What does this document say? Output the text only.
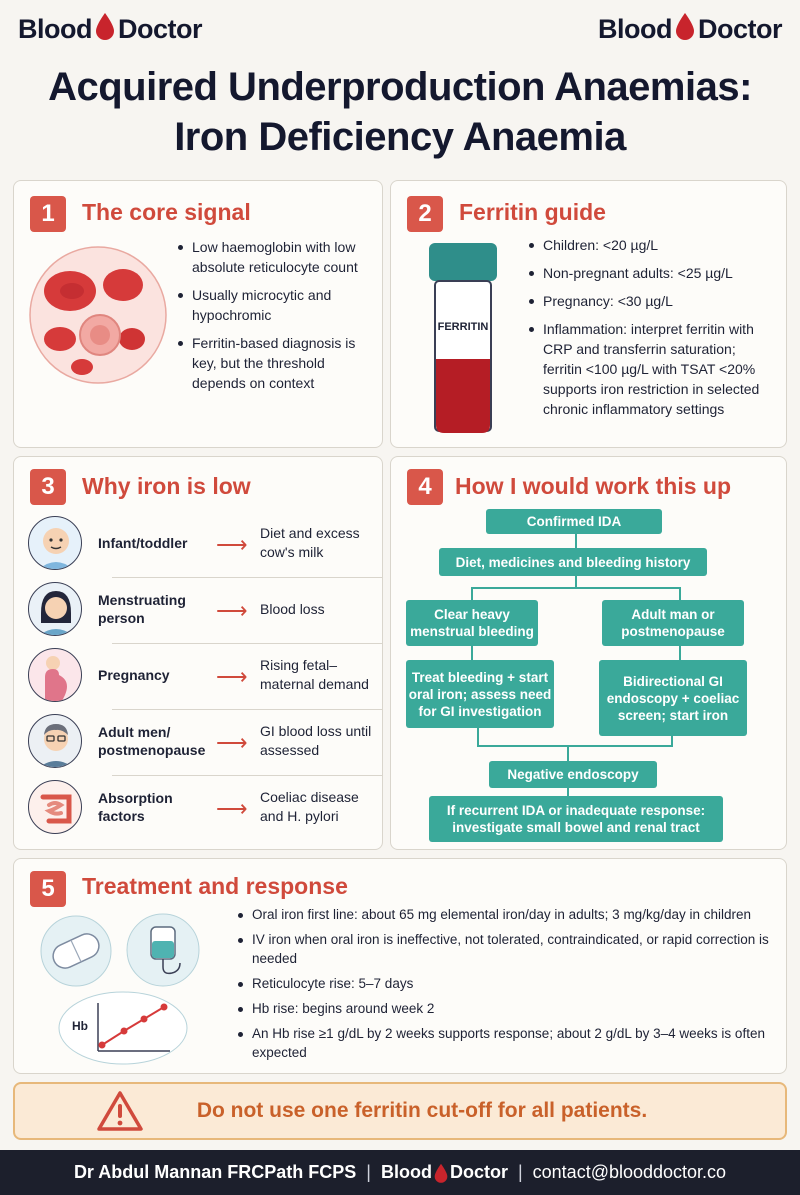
Blood Doctor	Blood Doctor
Acquired Underproduction Anaemias:
Iron Deficiency Anaemia
1	The core signal
Low haemoglobin with low absolute reticulocyte count
Usually microcytic and hypochromic
Ferritin-based diagnosis is key, but the threshold depends on context
2	Ferritin guide
FERRITIN
Children: <20 µg/L
Non-pregnant adults: <25 µg/L
Pregnancy: <30 µg/L
Inflammation: interpret ferritin with CRP and transferrin saturation; ferritin <100 µg/L with TSAT <20% supports iron restriction in selected chronic inflammatory settings
3	Why iron is low
Infant/toddler	⟶ Diet and excess cow's milk
Menstruating person	⟶ Blood loss
Pregnancy	⟶ Rising fetal–maternal demand
Adult men/ postmenopause ⟶ GI blood loss until assessed
Absorption factors	⟶ Coeliac disease and H. pylori
4	How I would work this up
Confirmed IDA
Diet, medicines and bleeding history
Clear heavy menstrual bleeding
Adult man or postmenopause
Treat bleeding + start oral iron; assess need for GI investigation
Bidirectional GI endoscopy + coeliac screen; start iron
Negative endoscopy
If recurrent IDA or inadequate response: investigate small bowel and renal tract
5	Treatment and response
Hb
Oral iron first line: about 65 mg elemental iron/day in adults; 3 mg/kg/day in children
IV iron when oral iron is ineffective, not tolerated, contraindicated, or rapid correction is needed
Reticulocyte rise: 5–7 days
Hb rise: begins around week 2
An Hb rise ≥1 g/dL by 2 weeks supports response; about 2 g/dL by 3–4 weeks is often expected
Do not use one ferritin cut-off for all patients.
Dr Abdul Mannan FRCPath FCPS | Blood Doctor | contact@blooddoctor.co
